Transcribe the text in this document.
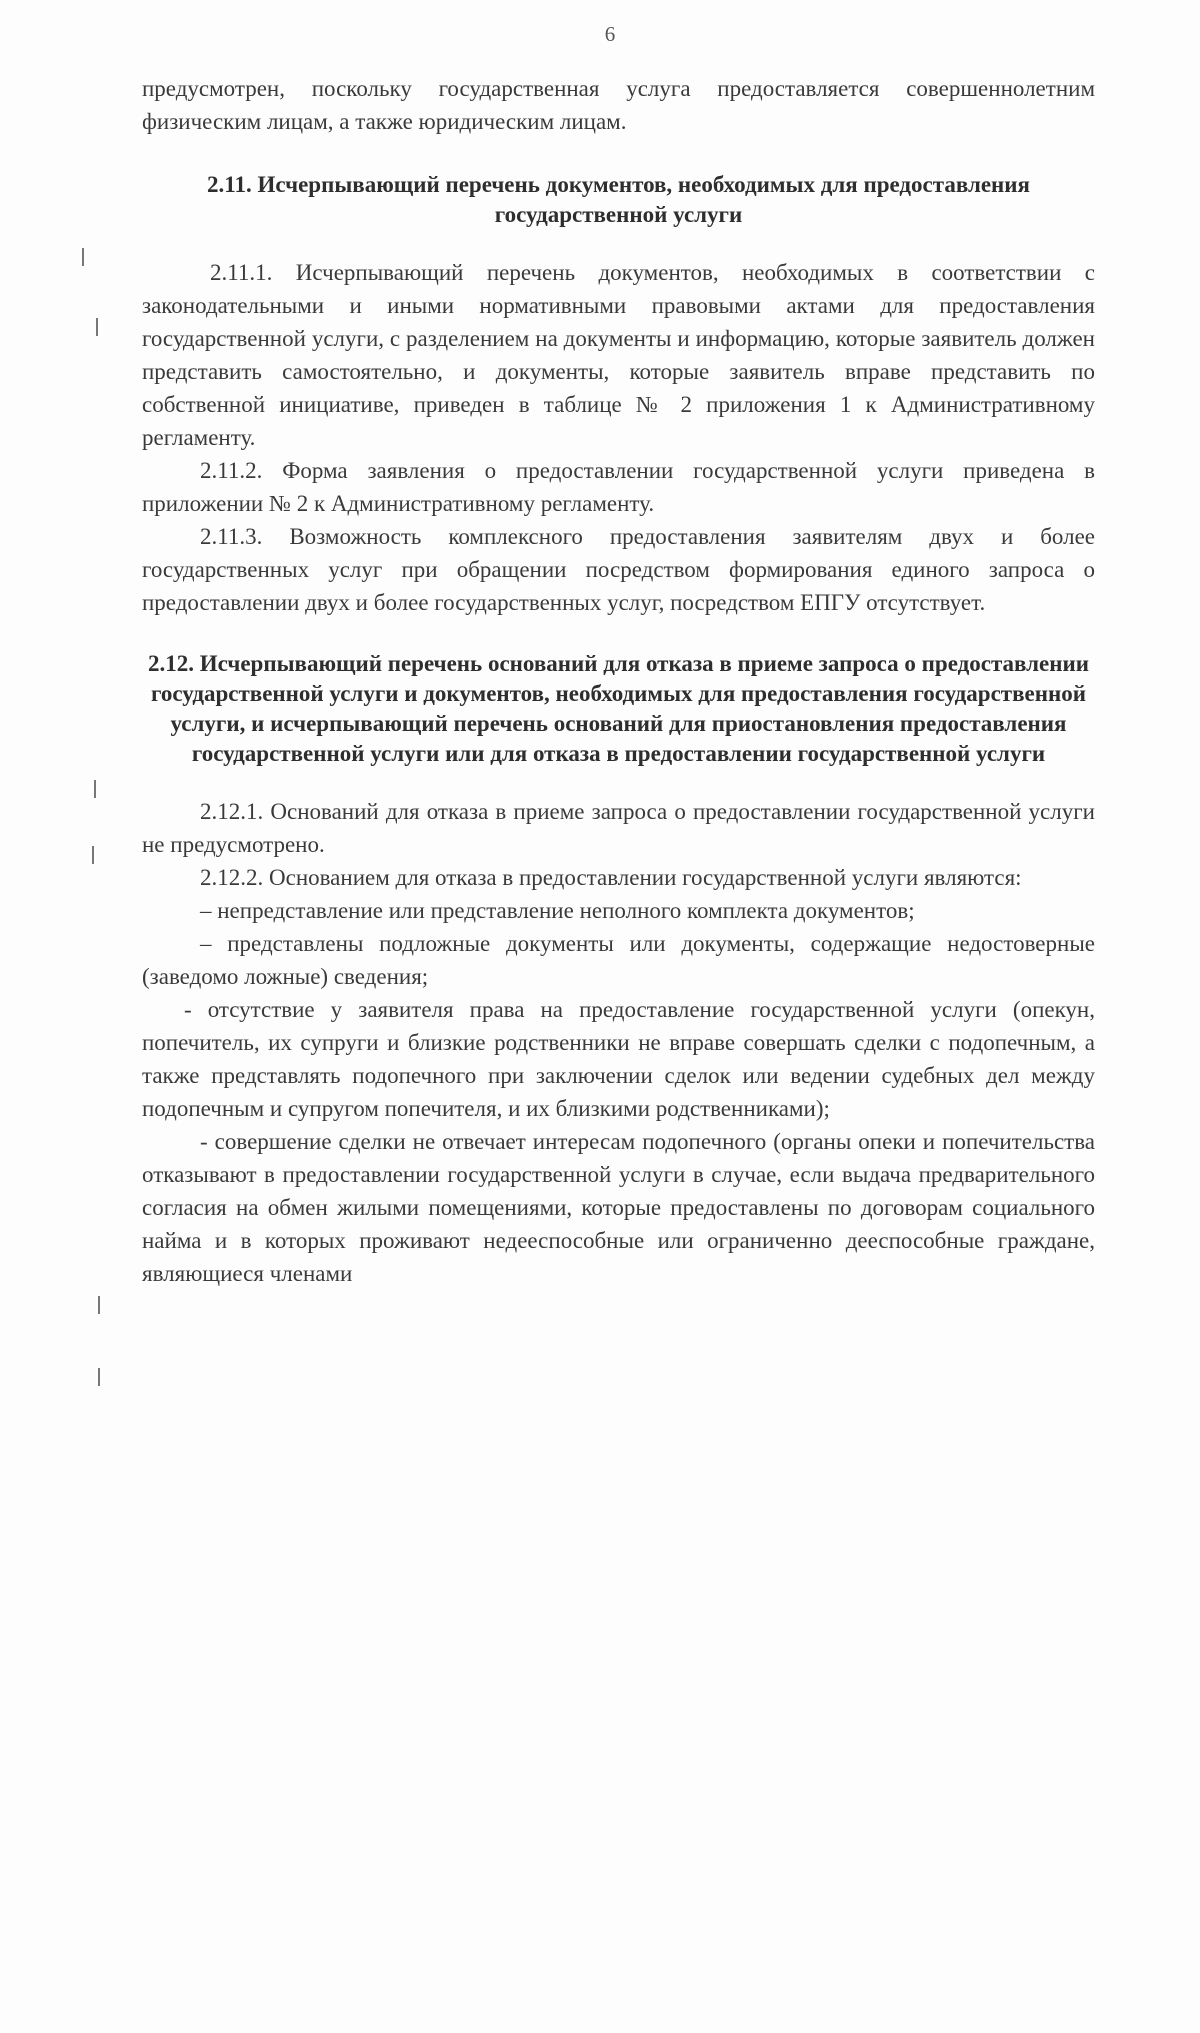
6

предусмотрен, поскольку государственная услуга предоставляется совершеннолетним физическим лицам, а также юридическим лицам.

2.11. Исчерпывающий перечень документов, необходимых для предоставления государственной услуги

2.11.1. Исчерпывающий перечень документов, необходимых в соответствии с законодательными и иными нормативными правовыми актами для предоставления государственной услуги, с разделением на документы и информацию, которые заявитель должен представить самостоятельно, и документы, которые заявитель вправе представить по собственной инициативе, приведен в таблице № 2 приложения 1 к Административному регламенту.

2.11.2. Форма заявления о предоставлении государственной услуги приведена в приложении № 2 к Административному регламенту.

2.11.3. Возможность комплексного предоставления заявителям двух и более государственных услуг при обращении посредством формирования единого запроса о предоставлении двух и более государственных услуг, посредством ЕПГУ отсутствует.

2.12. Исчерпывающий перечень оснований для отказа в приеме запроса о предоставлении государственной услуги и документов, необходимых для предоставления государственной услуги, и исчерпывающий перечень оснований для приостановления предоставления государственной услуги или для отказа в предоставлении государственной услуги

2.12.1. Оснований для отказа в приеме запроса о предоставлении государственной услуги не предусмотрено.

2.12.2. Основанием для отказа в предоставлении государственной услуги являются:

– непредставление или представление неполного комплекта документов;

– представлены подложные документы или документы, содержащие недостоверные (заведомо ложные) сведения;

- отсутствие у заявителя права на предоставление государственной услуги (опекун, попечитель, их супруги и близкие родственники не вправе совершать сделки с подопечным, а также представлять подопечного при заключении сделок или ведении судебных дел между подопечным и супругом попечителя, и их близкими родственниками);

- совершение сделки не отвечает интересам подопечного (органы опеки и попечительства отказывают в предоставлении государственной услуги в случае, если выдача предварительного согласия на обмен жилыми помещениями, которые предоставлены по договорам социального найма и в которых проживают недееспособные или ограниченно дееспособные граждане, являющиеся членами
